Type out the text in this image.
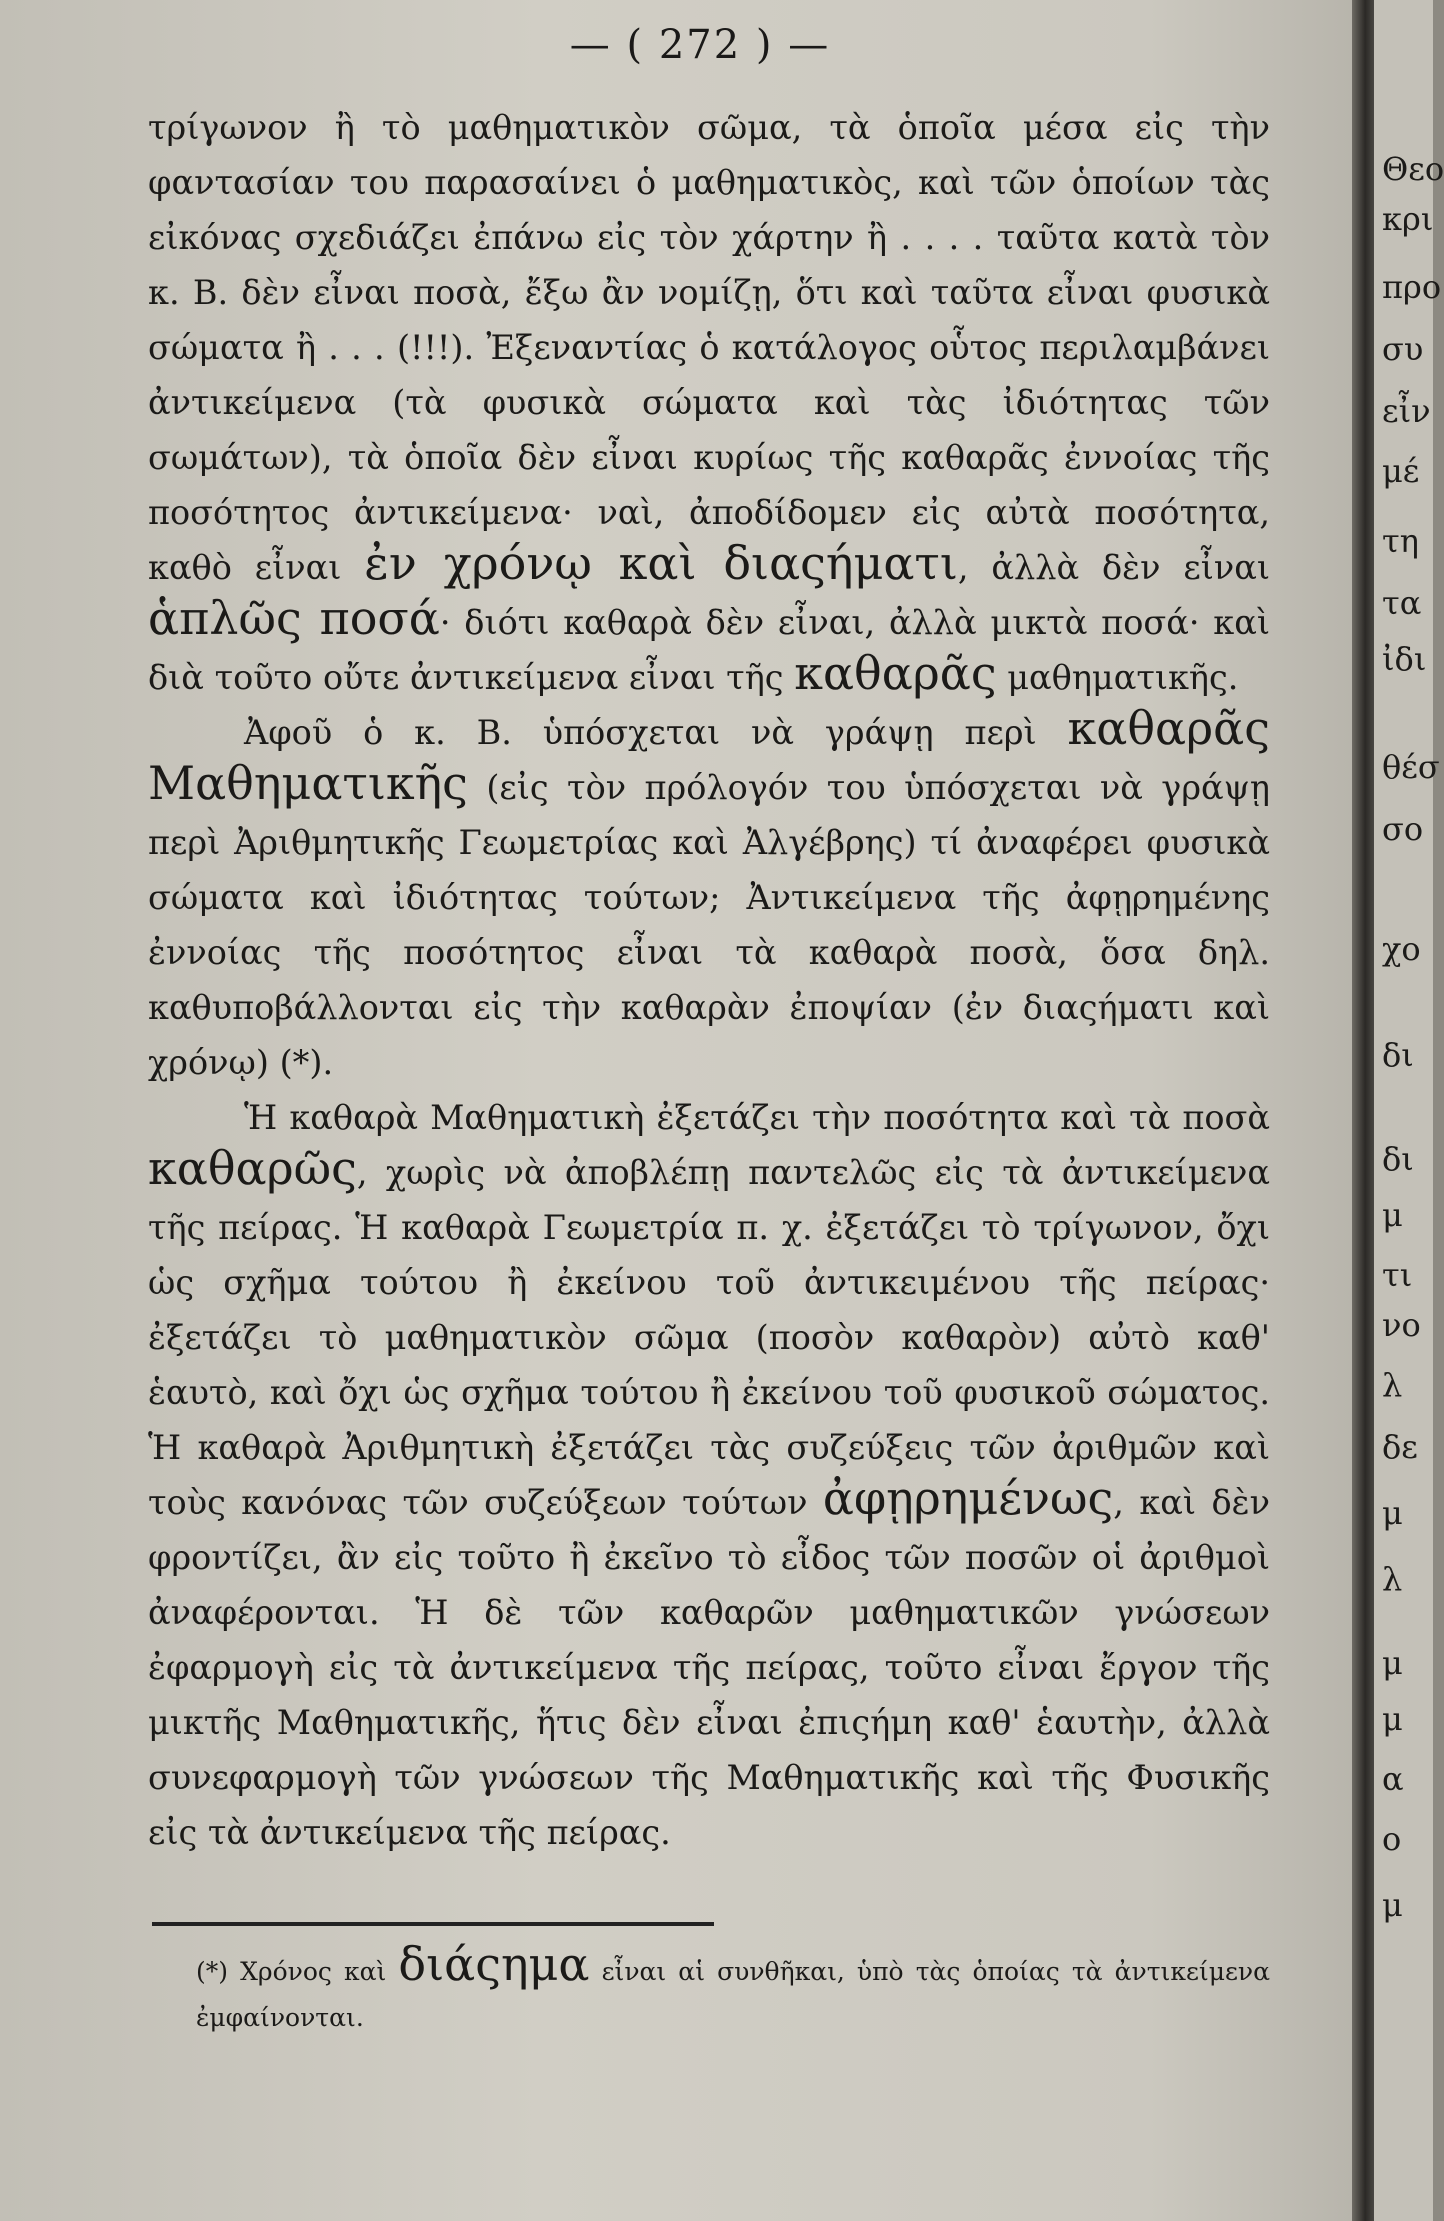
— ( 272 ) —

τρίγωνον ἢ τὸ μαθηματικὸν σῶμα, τὰ ὁποῖα μέσα εἰς τὴν φαντασίαν του παρασαίνει ὁ μαθηματικὸς, καὶ τῶν ὁποίων τὰς εἰκόνας σχεδιάζει ἐπάνω εἰς τὸν χάρτην ἢ . . . . ταῦτα κατὰ τὸν κ. Β. δὲν εἶναι ποσὰ, ἔξω ἂν νομίζῃ, ὅτι καὶ ταῦτα εἶναι φυσικὰ σώματα ἢ . . . (!!!). Ἐξεναντίας ὁ κατάλογος οὗτος περιλαμβάνει ἀντικείμενα (τὰ φυσικὰ σώματα καὶ τὰς ἰδιότητας τῶν σωμάτων), τὰ ὁποῖα δὲν εἶναι κυρίως τῆς καθαρᾶς ἐννοίας τῆς ποσότητος ἀντικείμενα· ναὶ, ἀποδίδομεν εἰς αὐτὰ ποσότητα, καθὸ εἶναι ἐν χρόνῳ καὶ διαςήματι, ἀλλὰ δὲν εἶναι ἁπλῶς ποσά· διότι καθαρὰ δὲν εἶναι, ἀλλὰ μικτὰ ποσά· καὶ διὰ τοῦτο οὔτε ἀντικείμενα εἶναι τῆς καθαρᾶς μαθηματικῆς.

Ἀφοῦ ὁ κ. Β. ὑπόσχεται νὰ γράψῃ περὶ καθαρᾶς Μαθηματικῆς (εἰς τὸν πρόλογόν του ὑπόσχεται νὰ γράψῃ περὶ Ἀριθμητικῆς Γεωμετρίας καὶ Ἀλγέβρης) τί ἀναφέρει φυσικὰ σώματα καὶ ἰδιότητας τούτων; Ἀντικείμενα τῆς ἀφῃρημένης ἐννοίας τῆς ποσότητος εἶναι τὰ καθαρὰ ποσὰ, ὅσα δηλ. καθυποβάλλονται εἰς τὴν καθαρὰν ἐποψίαν (ἐν διαςήματι καὶ χρόνῳ) (*).

Ἡ καθαρὰ Μαθηματικὴ ἐξετάζει τὴν ποσότητα καὶ τὰ ποσὰ καθαρῶς, χωρὶς νὰ ἀποβλέπῃ παντελῶς εἰς τὰ ἀντικείμενα τῆς πείρας. Ἡ καθαρὰ Γεωμετρία π. χ. ἐξετάζει τὸ τρίγωνον, ὄχι ὡς σχῆμα τούτου ἢ ἐκείνου τοῦ ἀντικειμένου τῆς πείρας· ἐξετάζει τὸ μαθηματικὸν σῶμα (ποσὸν καθαρὸν) αὐτὸ καθ' ἑαυτὸ, καὶ ὄχι ὡς σχῆμα τούτου ἢ ἐκείνου τοῦ φυσικοῦ σώματος. Ἡ καθαρὰ Ἀριθμητικὴ ἐξετάζει τὰς συζεύξεις τῶν ἀριθμῶν καὶ τοὺς κανόνας τῶν συζεύξεων τούτων ἀφῃρημένως, καὶ δὲν φροντίζει, ἂν εἰς τοῦτο ἢ ἐκεῖνο τὸ εἶδος τῶν ποσῶν οἱ ἀριθμοὶ ἀναφέρονται. Ἡ δὲ τῶν καθαρῶν μαθηματικῶν γνώσεων ἐφαρμογὴ εἰς τὰ ἀντικείμενα τῆς πείρας, τοῦτο εἶναι ἔργον τῆς μικτῆς Μαθηματικῆς, ἥτις δὲν εἶναι ἐπιςήμη καθ' ἑαυτὴν, ἀλλὰ συνεφαρμογὴ τῶν γνώσεων τῆς Μαθηματικῆς καὶ τῆς Φυσικῆς εἰς τὰ ἀντικείμενα τῆς πείρας.

(*) Χρόνος καὶ διάςημα εἶναι αἱ συνθῆκαι, ὑπὸ τὰς ὁποίας τὰ ἀντικείμενα ἐμφαίνονται.
Θεο
κρι
προ
συ
εἶν
μέ
τη
τα
ἰδι
θέσ
σο
χο
δι
δι
μ
τι
νο
λ
δε
μ
λ
μ
μ
α
ο
μ
